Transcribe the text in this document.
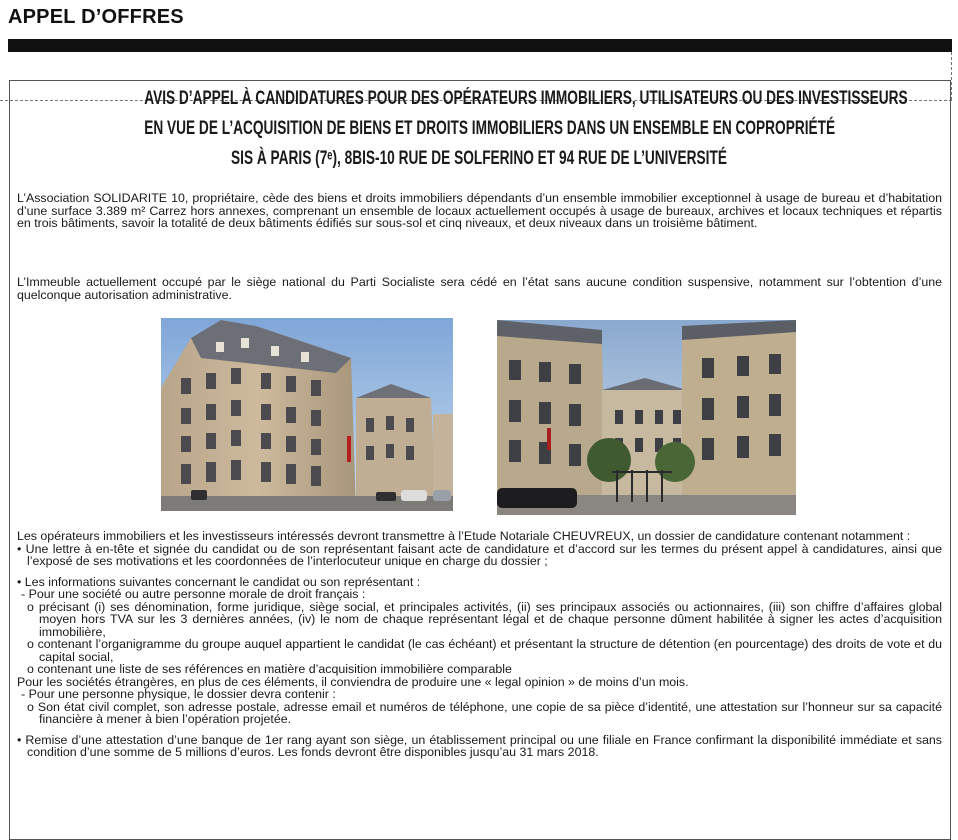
APPEL D’OFFRES
AVIS D’APPEL À CANDIDATURES POUR DES OPÉRATEURS IMMOBILIERS, UTILISATEURS OU DES INVESTISSEURS
EN VUE DE L’ACQUISITION DE BIENS ET DROITS IMMOBILIERS DANS UN ENSEMBLE EN COPROPRIÉTÉ
SIS À PARIS (7ᵉ), 8BIS-10 RUE DE SOLFERINO ET 94 RUE DE L’UNIVERSITÉ

L’Association SOLIDARITE 10, propriétaire, cède des biens et droits immobiliers dépendants d’un ensemble immobilier exceptionnel à usage de bureau et d’habitation d’une surface 3.389 m² Carrez hors annexes, comprenant un ensemble de locaux actuellement occupés à usage de bureaux, archives et locaux techniques et répartis en trois bâtiments, savoir la totalité de deux bâtiments édifiés sur sous-sol et cinq niveaux, et deux niveaux dans un troisième bâtiment.

L’Immeuble actuellement occupé par le siège national du Parti Socialiste sera cédé en l’état sans aucune condition suspensive, notamment sur l’obtention d’une quelconque autorisation administrative.

Les opérateurs immobiliers et les investisseurs intéressés devront transmettre à l’Etude Notariale CHEUVREUX, un dossier de candidature contenant notamment :

• Une lettre à en-tête et signée du candidat ou de son représentant faisant acte de candidature et d’accord sur les termes du présent appel à candidatures, ainsi que l’exposé de ses motivations et les coordonnées de l’interlocuteur unique en charge du dossier ;

• Les informations suivantes concernant le candidat ou son représentant :

- Pour une société ou autre personne morale de droit français :

o précisant (i) ses dénomination, forme juridique, siège social, et principales activités, (ii) ses principaux associés ou actionnaires, (iii) son chiffre d’affaires global moyen hors TVA sur les 3 dernières années, (iv) le nom de chaque représentant légal et de chaque personne dûment habilitée à signer les actes d’acquisition immobilière,

o contenant l’organigramme du groupe auquel appartient le candidat (le cas échéant) et présentant la structure de détention (en pourcentage) des droits de vote et du capital social,

o contenant une liste de ses références en matière d’acquisition immobilière comparable

Pour les sociétés étrangères, en plus de ces éléments, il conviendra de produire une « legal opinion » de moins d’un mois.

- Pour une personne physique, le dossier devra contenir :

o Son état civil complet, son adresse postale, adresse email et numéros de téléphone, une copie de sa pièce d’identité, une attestation sur l’honneur sur sa capacité financière à mener à bien l’opération projetée.

• Remise d’une attestation d’une banque de 1er rang ayant son siège, un établissement principal ou une filiale en France confirmant la disponibilité immédiate et sans condition d’une somme de 5 millions d’euros. Les fonds devront être disponibles jusqu’au 31 mars 2018.
